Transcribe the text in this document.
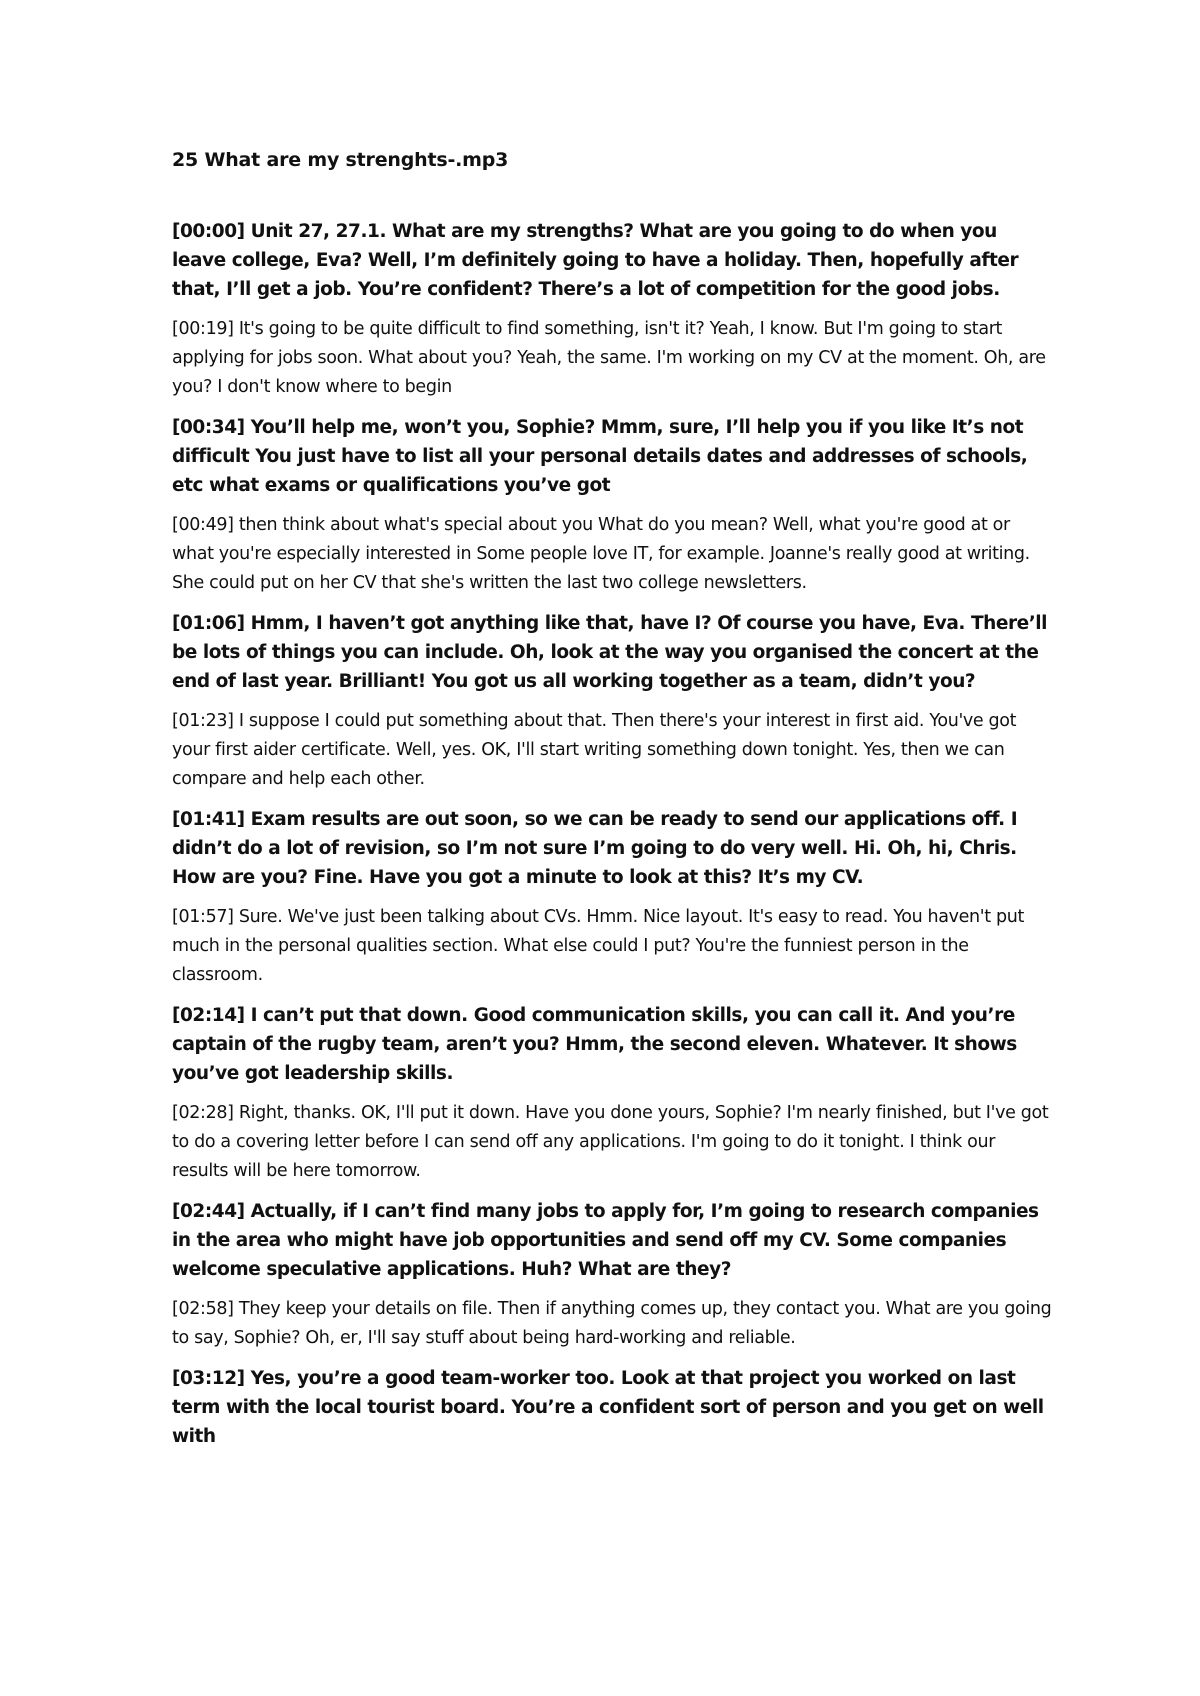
25 What are my strenghts-.mp3

[00:00] Unit 27, 27.1. What are my strengths? What are you going to do when you leave college, Eva? Well, I’m definitely going to have a holiday. Then, hopefully after that, I’ll get a job. You’re confident? There’s a lot of competition for the good jobs.

[00:19] It's going to be quite difficult to find something, isn't it? Yeah, I know. But I'm going to start applying for jobs soon. What about you? Yeah, the same. I'm working on my CV at the moment. Oh, are you? I don't know where to begin

[00:34] You’ll help me, won’t you, Sophie? Mmm, sure, I’ll help you if you like It’s not difficult You just have to list all your personal details dates and addresses of schools, etc what exams or qualifications you’ve got

[00:49] then think about what's special about you What do you mean? Well, what you're good at or what you're especially interested in Some people love IT, for example. Joanne's really good at writing. She could put on her CV that she's written the last two college newsletters.

[01:06] Hmm, I haven’t got anything like that, have I? Of course you have, Eva. There’ll be lots of things you can include. Oh, look at the way you organised the concert at the end of last year. Brilliant! You got us all working together as a team, didn’t you?

[01:23] I suppose I could put something about that. Then there's your interest in first aid. You've got your first aider certificate. Well, yes. OK, I'll start writing something down tonight. Yes, then we can compare and help each other.

[01:41] Exam results are out soon, so we can be ready to send our applications off. I didn’t do a lot of revision, so I’m not sure I’m going to do very well. Hi. Oh, hi, Chris. How are you? Fine. Have you got a minute to look at this? It’s my CV.

[01:57] Sure. We've just been talking about CVs. Hmm. Nice layout. It's easy to read. You haven't put much in the personal qualities section. What else could I put? You're the funniest person in the classroom.

[02:14] I can’t put that down. Good communication skills, you can call it. And you’re captain of the rugby team, aren’t you? Hmm, the second eleven. Whatever. It shows you’ve got leadership skills.

[02:28] Right, thanks. OK, I'll put it down. Have you done yours, Sophie? I'm nearly finished, but I've got to do a covering letter before I can send off any applications. I'm going to do it tonight. I think our results will be here tomorrow.

[02:44] Actually, if I can’t find many jobs to apply for, I’m going to research companies in the area who might have job opportunities and send off my CV. Some companies welcome speculative applications. Huh? What are they?

[02:58] They keep your details on file. Then if anything comes up, they contact you. What are you going to say, Sophie? Oh, er, I'll say stuff about being hard-working and reliable.

[03:12] Yes, you’re a good team-worker too. Look at that project you worked on last term with the local tourist board. You’re a confident sort of person and you get on well with
